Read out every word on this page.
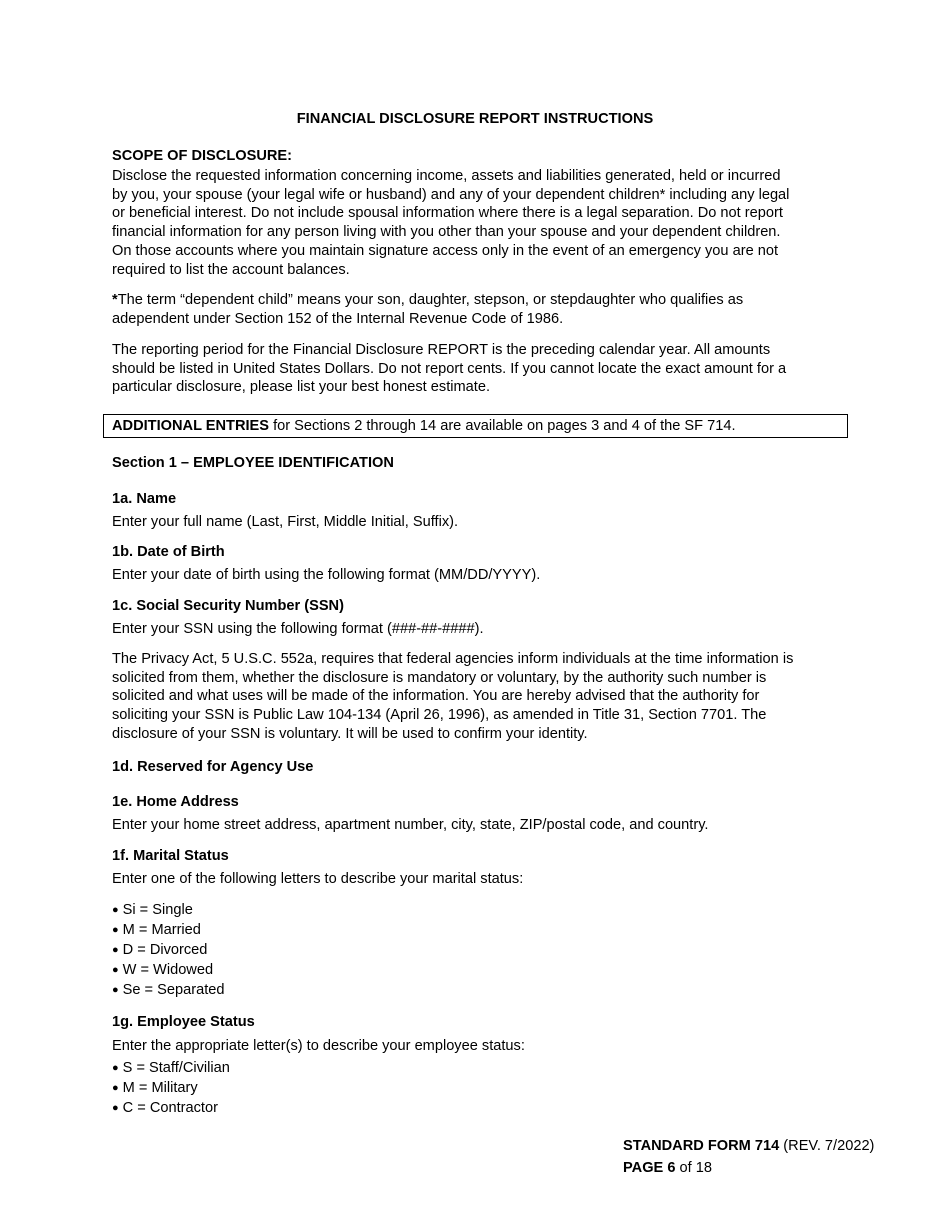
FINANCIAL DISCLOSURE REPORT INSTRUCTIONS
SCOPE OF DISCLOSURE:
Disclose the requested information concerning income, assets and liabilities generated, held or incurred
by you, your spouse (your legal wife or husband) and any of your dependent children* including any legal
or beneficial interest. Do not include spousal information where there is a legal separation. Do not report
financial information for any person living with you other than your spouse and your dependent children.
On those accounts where you maintain signature access only in the event of an emergency you are not
required to list the account balances.
*The term “dependent child” means your son, daughter, stepson, or stepdaughter who qualifies as
adependent under Section 152 of the Internal Revenue Code of 1986.
The reporting period for the Financial Disclosure REPORT is the preceding calendar year. All amounts
should be listed in United States Dollars. Do not report cents. If you cannot locate the exact amount for a
particular disclosure, please list your best honest estimate.
ADDITIONAL ENTRIES for Sections 2 through 14 are available on pages 3 and 4 of the SF 714.
Section 1 – EMPLOYEE IDENTIFICATION
1a. Name
Enter your full name (Last, First, Middle Initial, Suffix).
1b. Date of Birth
Enter your date of birth using the following format (MM/DD/YYYY).
1c. Social Security Number (SSN)
Enter your SSN using the following format (###-##-####).
The Privacy Act, 5 U.S.C. 552a, requires that federal agencies inform individuals at the time information is
solicited from them, whether the disclosure is mandatory or voluntary, by the authority such number is
solicited and what uses will be made of the information. You are hereby advised that the authority for
soliciting your SSN is Public Law 104-134 (April 26, 1996), as amended in Title 31, Section 7701. The
disclosure of your SSN is voluntary. It will be used to confirm your identity.
1d. Reserved for Agency Use
1e. Home Address
Enter your home street address, apartment number, city, state, ZIP/postal code, and country.
1f. Marital Status
Enter one of the following letters to describe your marital status:
● Si = Single
● M = Married
● D = Divorced
● W = Widowed
● Se = Separated
1g. Employee Status
Enter the appropriate letter(s) to describe your employee status:
● S = Staff/Civilian
● M = Military
● C = Contractor
STANDARD FORM 714 (REV. 7/2022)
PAGE 6 of 18
